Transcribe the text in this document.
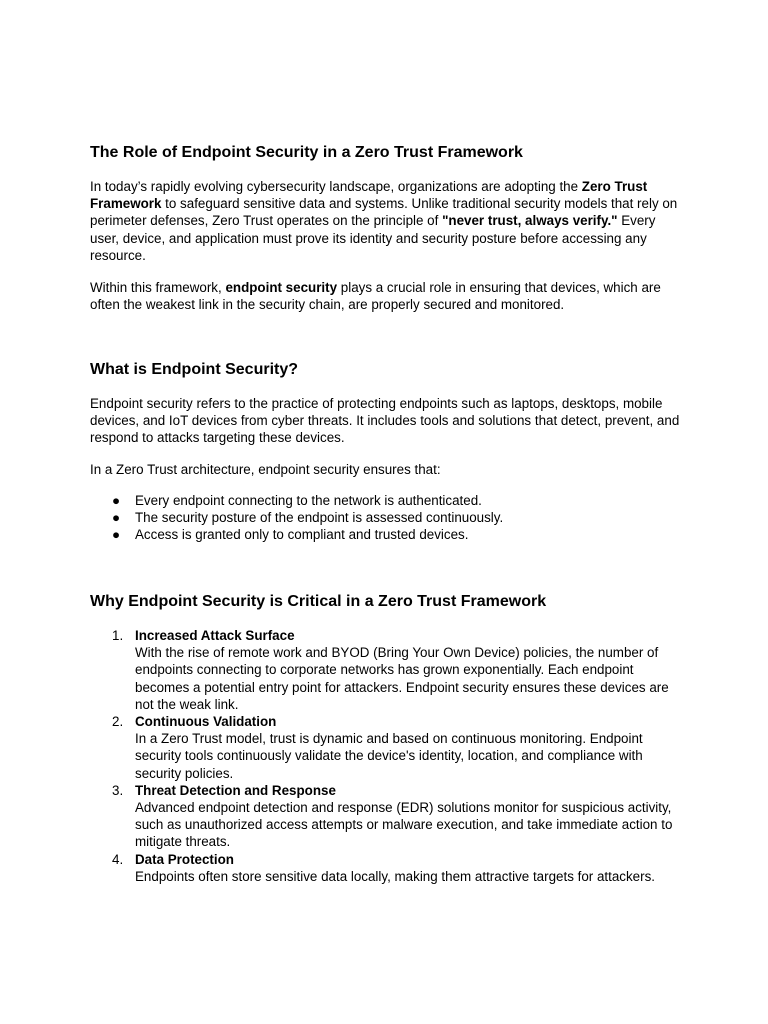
The Role of Endpoint Security in a Zero Trust Framework

In today’s rapidly evolving cybersecurity landscape, organizations are adopting the Zero Trust Framework to safeguard sensitive data and systems. Unlike traditional security models that rely on perimeter defenses, Zero Trust operates on the principle of "never trust, always verify." Every user, device, and application must prove its identity and security posture before accessing any resource.

Within this framework, endpoint security plays a crucial role in ensuring that devices, which are often the weakest link in the security chain, are properly secured and monitored.

What is Endpoint Security?

Endpoint security refers to the practice of protecting endpoints such as laptops, desktops, mobile devices, and IoT devices from cyber threats. It includes tools and solutions that detect, prevent, and respond to attacks targeting these devices.

In a Zero Trust architecture, endpoint security ensures that:

● Every endpoint connecting to the network is authenticated.
● The security posture of the endpoint is assessed continuously.
● Access is granted only to compliant and trusted devices.
Why Endpoint Security is Critical in a Zero Trust Framework
1. Increased Attack Surface
With the rise of remote work and BYOD (Bring Your Own Device) policies, the number of endpoints connecting to corporate networks has grown exponentially. Each endpoint becomes a potential entry point for attackers. Endpoint security ensures these devices are not the weak link.
2. Continuous Validation
In a Zero Trust model, trust is dynamic and based on continuous monitoring. Endpoint security tools continuously validate the device's identity, location, and compliance with security policies.
3. Threat Detection and Response
Advanced endpoint detection and response (EDR) solutions monitor for suspicious activity, such as unauthorized access attempts or malware execution, and take immediate action to mitigate threats.
4. Data Protection
Endpoints often store sensitive data locally, making them attractive targets for attackers.
